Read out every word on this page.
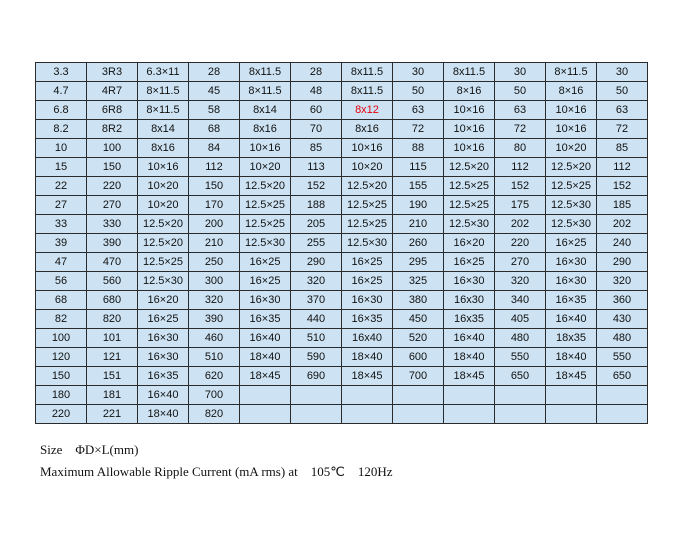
3.3	3R3	6.3×11	28	8x11.5	28	8x11.5	30	8x11.5	30	8×11.5	30
4.7	4R7	8×11.5	45	8×11.5	48	8x11.5	50	8×16	50	8×16	50
6.8	6R8	8×11.5	58	8x14	60	8x12	63	10×16	63	10×16	63
8.2	8R2	8x14	68	8x16	70	8x16	72	10×16	72	10×16	72
10	100	8x16	84	10×16	85	10×16	88	10×16	80	10×20	85
15	150	10×16	112	10×20	113	10×20	115	12.5×20	112	12.5×20	112
22	220	10×20	150	12.5×20	152	12.5×20	155	12.5×25	152	12.5×25	152
27	270	10×20	170	12.5×25	188	12.5×25	190	12.5×25	175	12.5×30	185
33	330	12.5×20	200	12.5×25	205	12.5×25	210	12.5×30	202	12.5×30	202
39	390	12.5×20	210	12.5×30	255	12.5×30	260	16×20	220	16×25	240
47	470	12.5×25	250	16×25	290	16×25	295	16×25	270	16×30	290
56	560	12.5×30	300	16×25	320	16×25	325	16×30	320	16×30	320
68	680	16×20	320	16×30	370	16×30	380	16x30	340	16×35	360
82	820	16×25	390	16×35	440	16×35	450	16x35	405	16×40	430
100	101	16×30	460	16×40	510	16x40	520	16×40	480	18x35	480
120	121	16×30	510	18×40	590	18×40	600	18×40	550	18×40	550
150	151	16×35	620	18×45	690	18×45	700	18×45	650	18×45	650
180	181	16×40	700								
220	221	18×40	820								
Size    ΦD×L(mm)
Maximum Allowable Ripple Current (mA rms) at    105℃    120Hz
